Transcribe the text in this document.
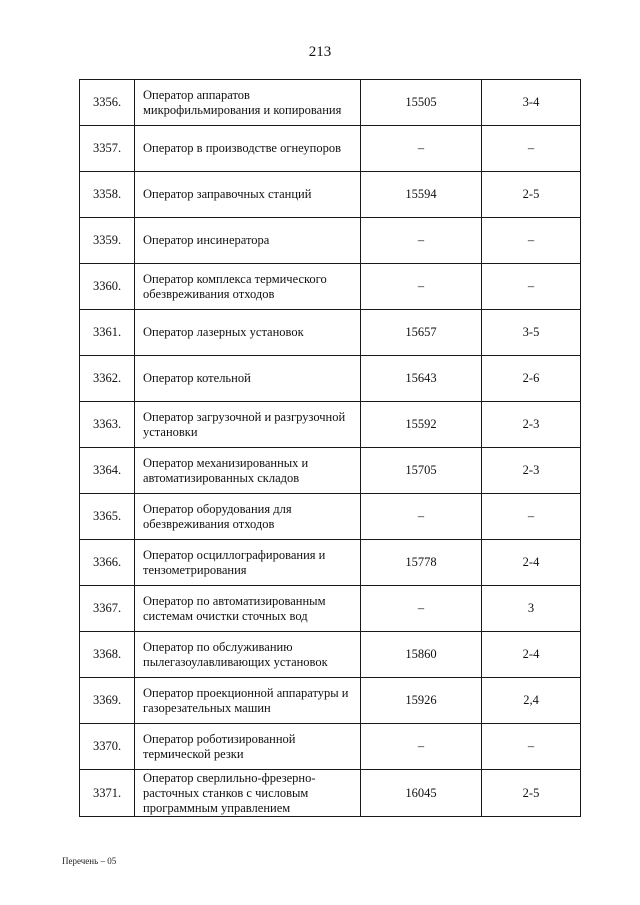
213
3356.	Оператор аппаратов микрофильмирования и копирования	15505	3-4
3357.	Оператор в производстве огнеупоров	–	–
3358.	Оператор заправочных станций	15594	2-5
3359.	Оператор инсинератора	–	–
3360.	Оператор комплекса термического обезвреживания отходов	–	–
3361.	Оператор лазерных установок	15657	3-5
3362.	Оператор котельной	15643	2-6
3363.	Оператор загрузочной и разгрузочной установки	15592	2-3
3364.	Оператор механизированных и автоматизированных складов	15705	2-3
3365.	Оператор оборудования для обезвреживания отходов	–	–
3366.	Оператор осциллографирования и тензометрирования	15778	2-4
3367.	Оператор по автоматизированным системам очистки сточных вод	–	3
3368.	Оператор по обслуживанию пылегазоулавливающих установок	15860	2-4
3369.	Оператор проекционной аппаратуры и газорезательных машин	15926	2,4
3370.	Оператор роботизированной термической резки	–	–
3371.	Оператор сверлильно-фрезерно-расточных станков с числовым программным управлением	16045	2-5
Перечень – 05
